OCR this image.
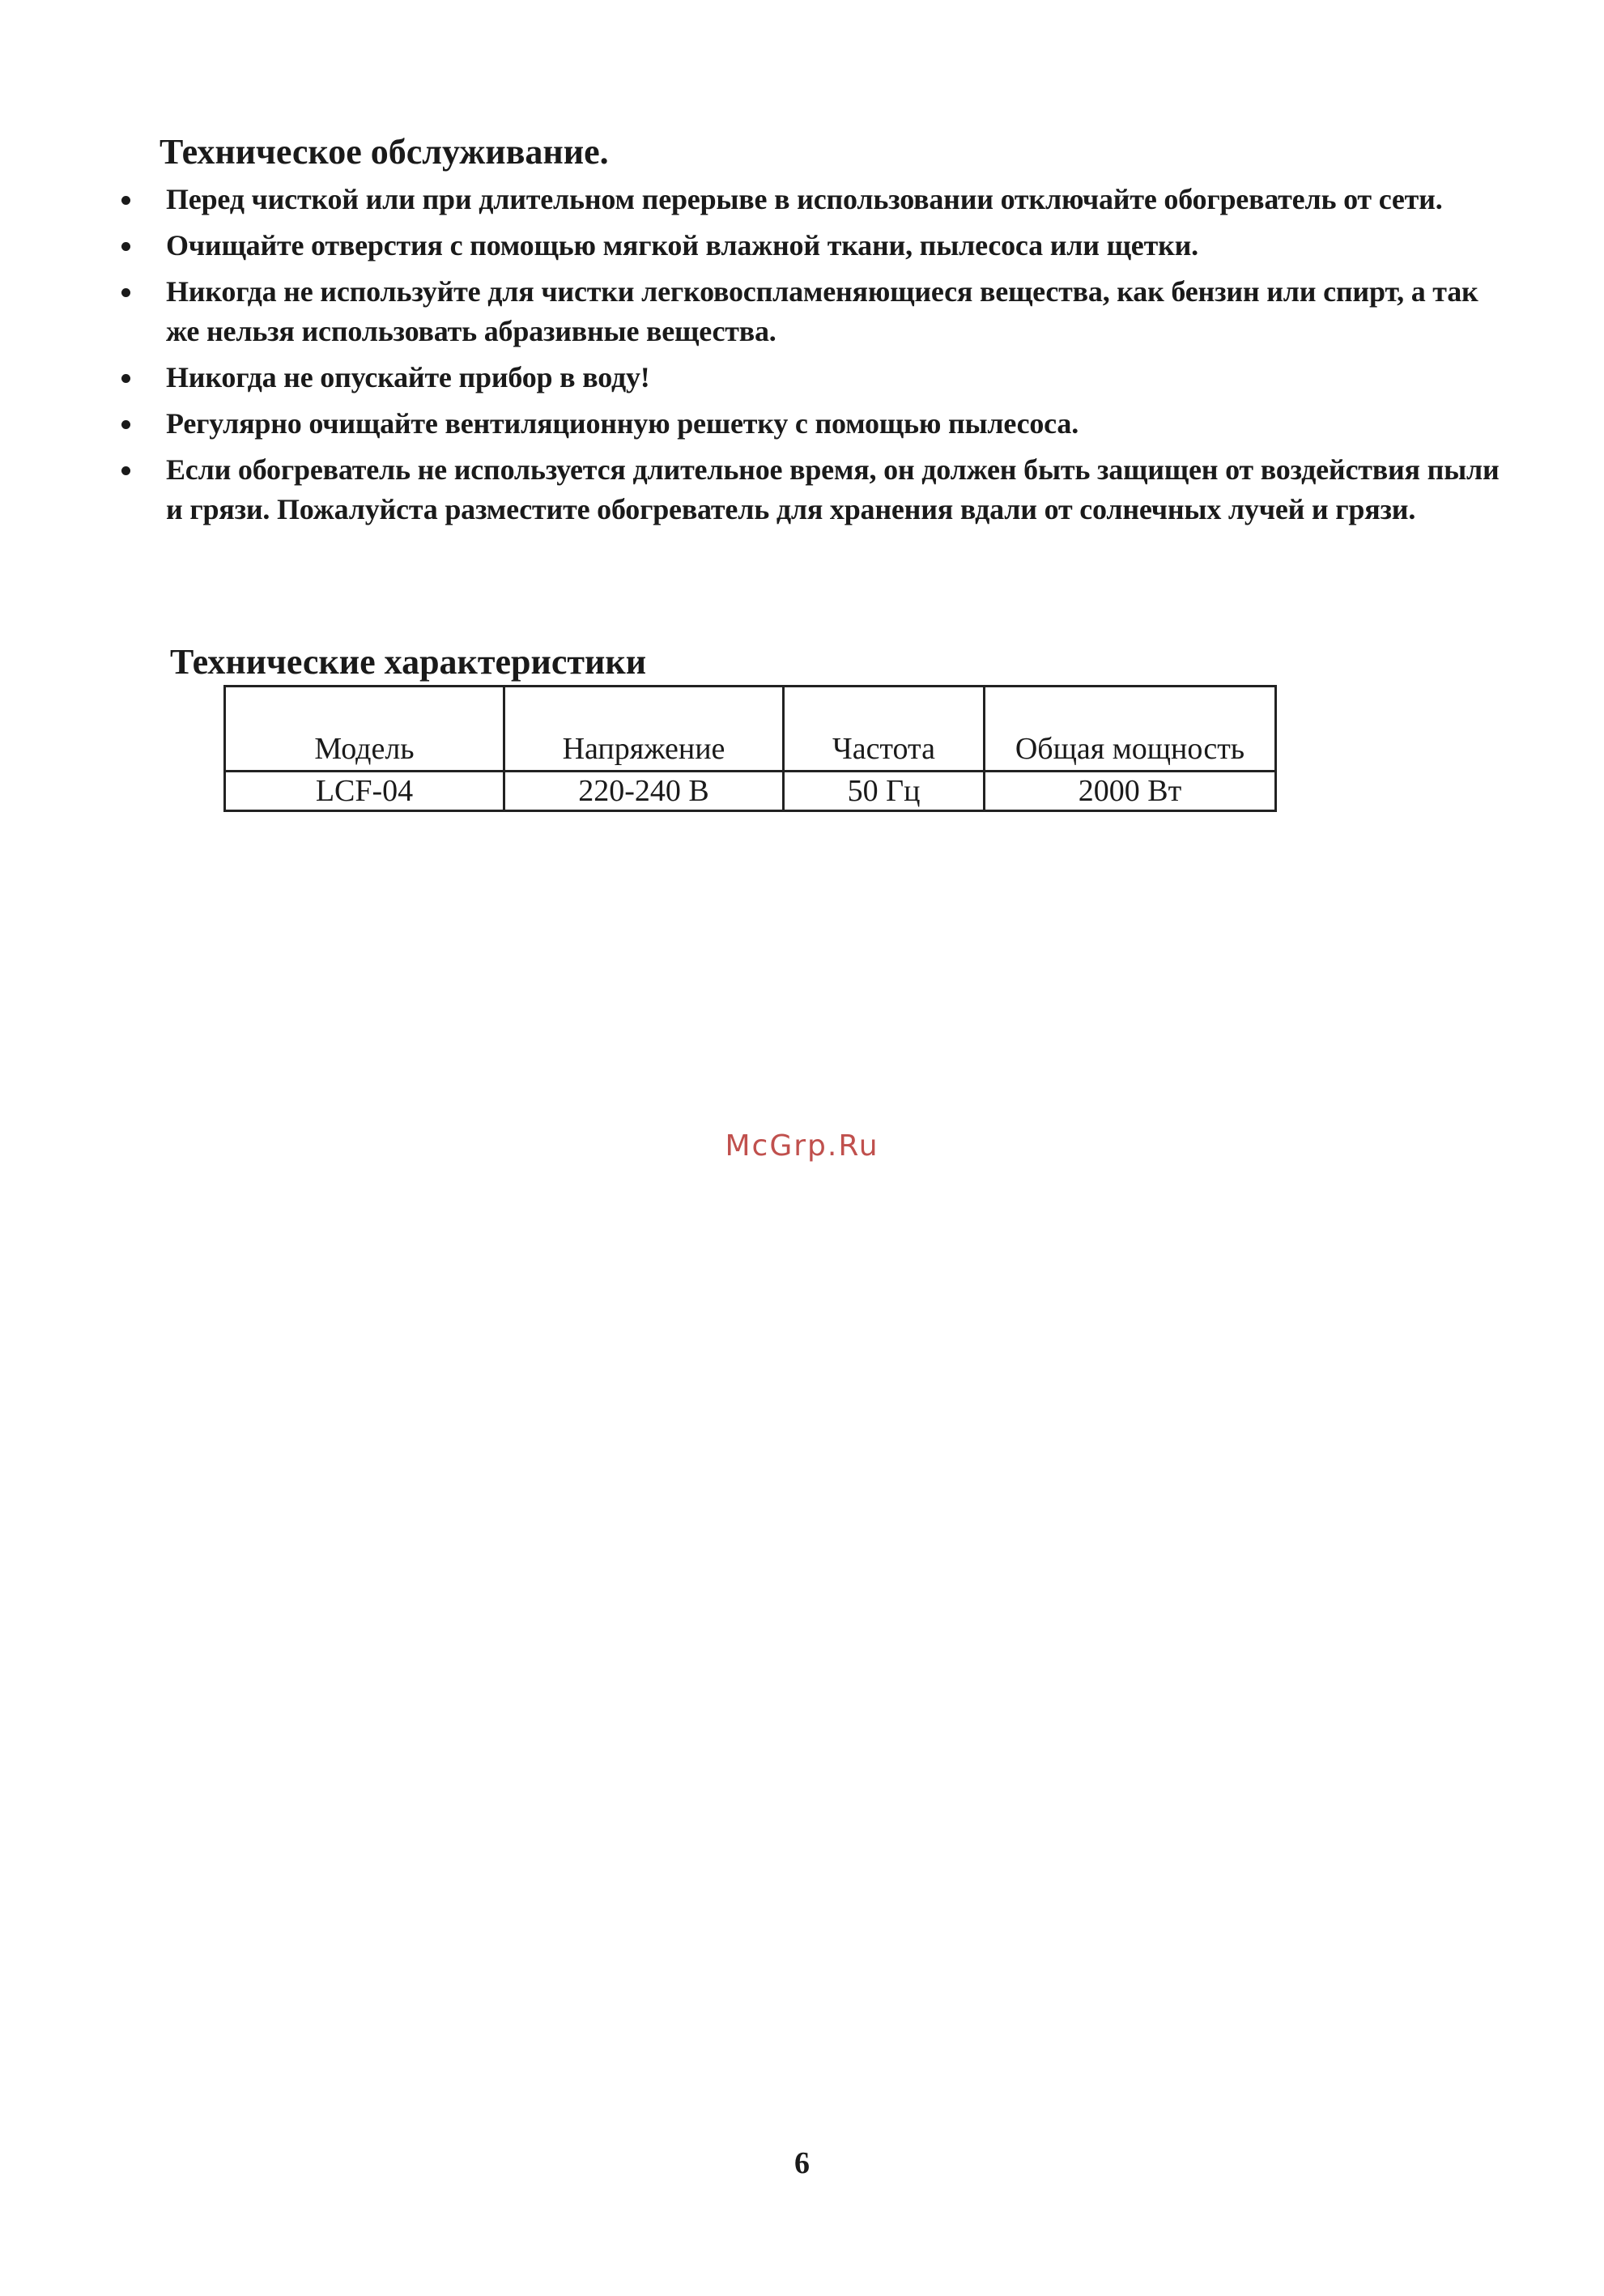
Техническое обслуживание.
Перед чисткой или при длительном перерыве в использовании отключайте обогреватель от сети.
Очищайте отверстия с помощью мягкой влажной ткани, пылесоса или щетки.
Никогда не используйте для чистки легковоспламеняющиеся вещества, как бензин или спирт, а так же нельзя использовать абразивные вещества.
Никогда не опускайте прибор в воду!
Регулярно очищайте вентиляционную решетку с помощью пылесоса.
Если обогреватель не используется длительное время, он должен быть защищен от воздействия пыли и грязи. Пожалуйста разместите обогреватель для хранения вдали от солнечных лучей и грязи.
Технические характеристики
Модель	Напряжение	Частота	Общая мощность
LCF-04	220-240 В	50 Гц	2000 Вт
McGrp.Ru
6
